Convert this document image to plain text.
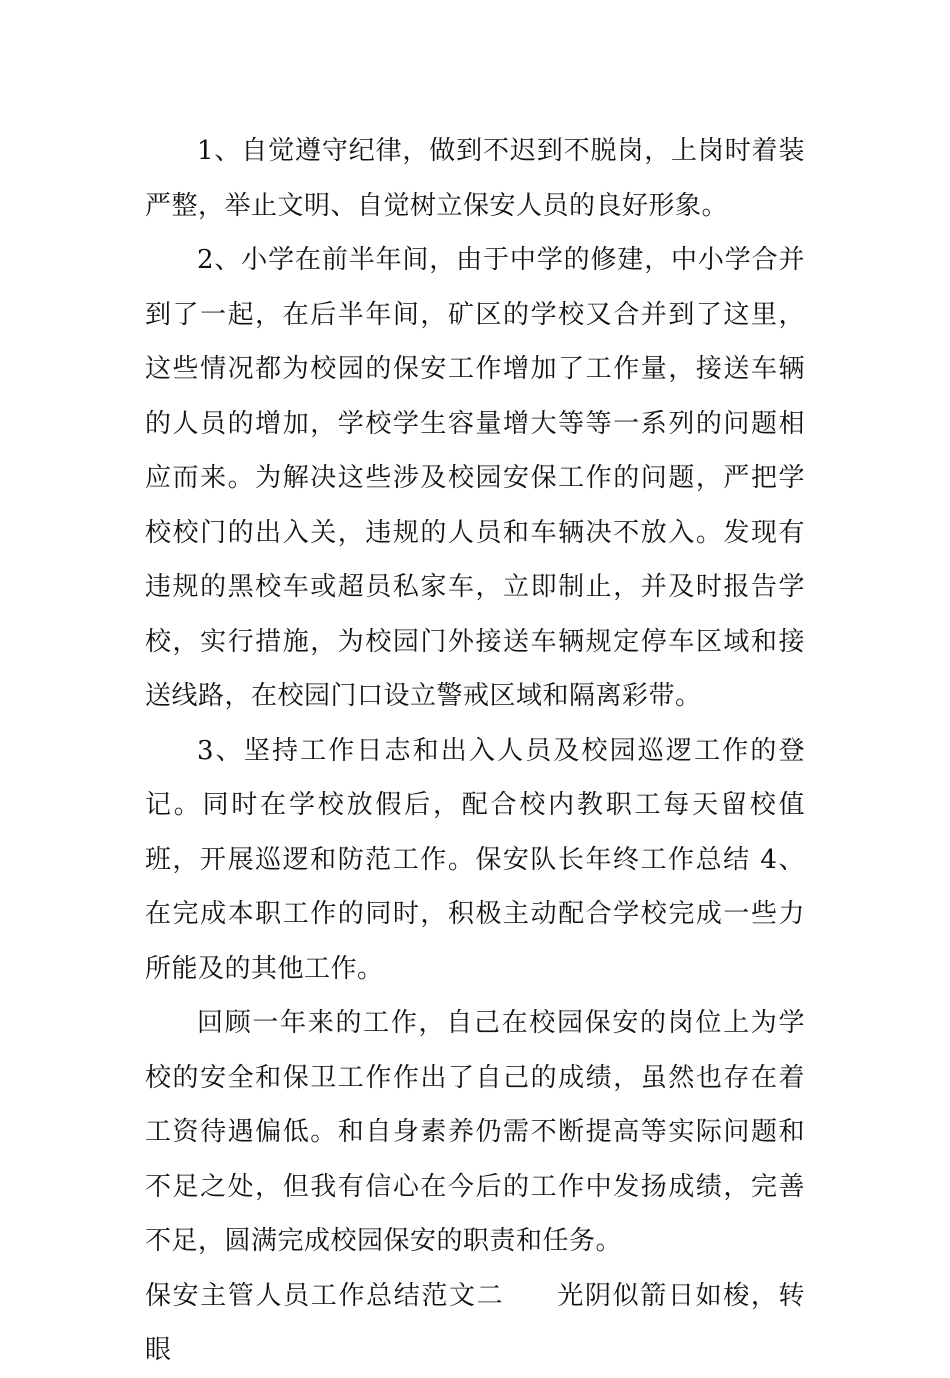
1、自觉遵守纪律，做到不迟到不脱岗，上岗时着装严整，举止文明、自觉树立保安人员的良好形象。

2、小学在前半年间，由于中学的修建，中小学合并到了一起，在后半年间，矿区的学校又合并到了这里，这些情况都为校园的保安工作增加了工作量，接送车辆的人员的增加，学校学生容量增大等等一系列的问题相应而来。为解决这些涉及校园安保工作的问题，严把学校校门的出入关，违规的人员和车辆决不放入。发现有违规的黑校车或超员私家车，立即制止，并及时报告学校，实行措施，为校园门外接送车辆规定停车区域和接送线路，在校园门口设立警戒区域和隔离彩带。

3、坚持工作日志和出入人员及校园巡逻工作的登记。同时在学校放假后，配合校内教职工每天留校值班，开展巡逻和防范工作。保安队长年终工作总结 4、在完成本职工作的同时，积极主动配合学校完成一些力所能及的其他工作。

回顾一年来的工作，自己在校园保安的岗位上为学校的安全和保卫工作作出了自己的成绩，虽然也存在着工资待遇偏低。和自身素养仍需不断提高等实际问题和不足之处，但我有信心在今后的工作中发扬成绩，完善不足，圆满完成校园保安的职责和任务。

保安主管人员工作总结范文二 光阴似箭日如梭，转眼
